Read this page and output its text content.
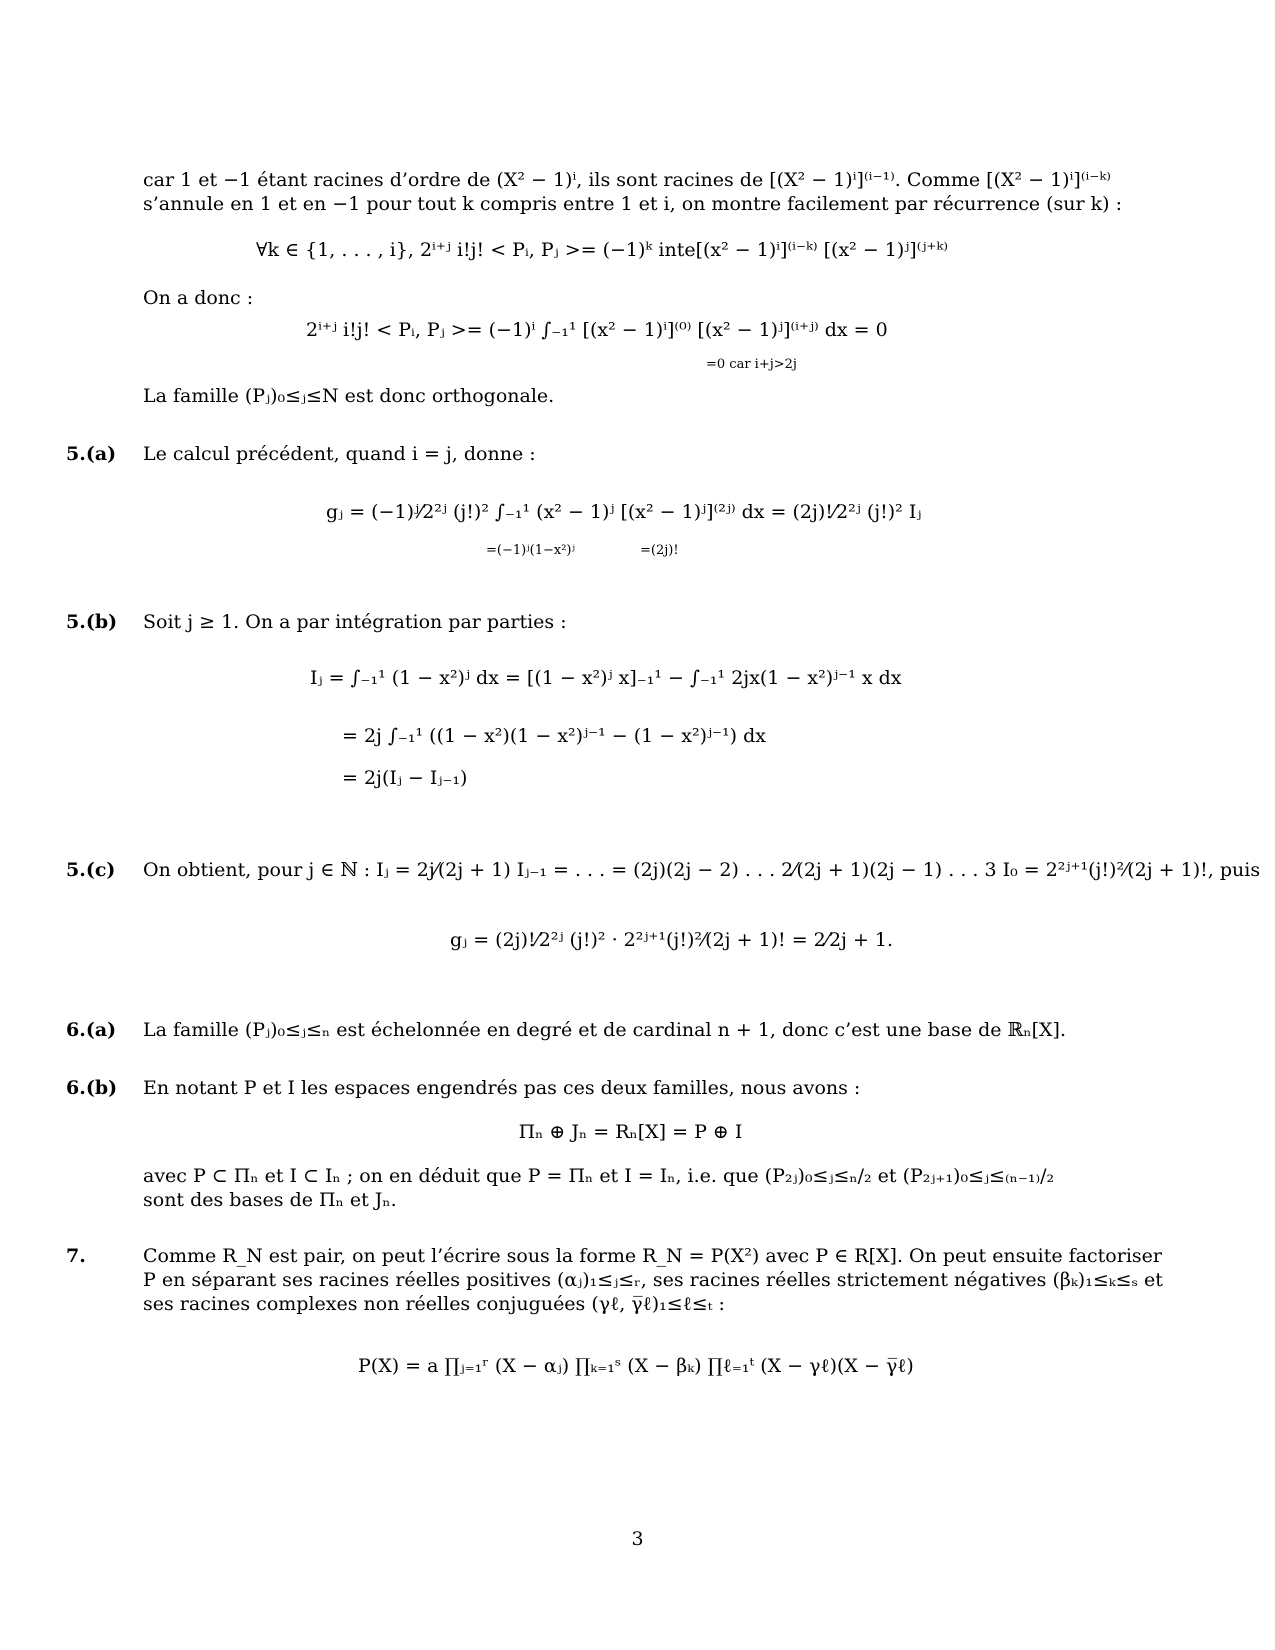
car 1 et −1 étant racines d’ordre de (X² − 1)ⁱ, ils sont racines de [(X² − 1)ⁱ]⁽ⁱ⁻¹⁾. Comme [(X² − 1)ⁱ]⁽ⁱ⁻ᵏ⁾
s’annule en 1 et en −1 pour tout k compris entre 1 et i, on montre facilement par récurrence (sur k) :
∀k ∈ {1, . . . , i}, 2ⁱ⁺ʲ i!j! < Pᵢ, Pⱼ >= (−1)ᵏ inte[(x² − 1)ⁱ]⁽ⁱ⁻ᵏ⁾ [(x² − 1)ʲ]⁽ʲ⁺ᵏ⁾
On a donc :
2ⁱ⁺ʲ i!j! < Pᵢ, Pⱼ >= (−1)ⁱ ∫₋₁¹ [(x² − 1)ⁱ]⁽⁰⁾ [(x² − 1)ʲ]⁽ⁱ⁺ʲ⁾ dx = 0
=0 car i+j>2j
La famille (Pⱼ)₀≤ⱼ≤N est donc orthogonale.
5.(a) Le calcul précédent, quand i = j, donne :
gⱼ = (−1)ʲ⁄2²ʲ (j!)² ∫₋₁¹ (x² − 1)ʲ [(x² − 1)ʲ]⁽²ʲ⁾ dx = (2j)!⁄2²ʲ (j!)² Iⱼ
=(−1)ʲ(1−x²)ʲ	=(2j)!
5.(b) Soit j ≥ 1. On a par intégration par parties :
Iⱼ = ∫₋₁¹ (1 − x²)ʲ dx = [(1 − x²)ʲ x]₋₁¹ − ∫₋₁¹ 2jx(1 − x²)ʲ⁻¹ x dx
= 2j ∫₋₁¹ ((1 − x²)(1 − x²)ʲ⁻¹ − (1 − x²)ʲ⁻¹) dx
= 2j(Iⱼ − Iⱼ₋₁)
5.(c) On obtient, pour j ∈ ℕ : Iⱼ = 2j⁄(2j + 1) Iⱼ₋₁ = . . . = (2j)(2j − 2) . . . 2⁄(2j + 1)(2j − 1) . . . 3 I₀ = 2²ʲ⁺¹(j!)²⁄(2j + 1)!, puis
gⱼ = (2j)!⁄2²ʲ (j!)² · 2²ʲ⁺¹(j!)²⁄(2j + 1)! = 2⁄2j + 1.
6.(a) La famille (Pⱼ)₀≤ⱼ≤ₙ est échelonnée en degré et de cardinal n + 1, donc c’est une base de ℝₙ[X].
6.(b) En notant P et I les espaces engendrés pas ces deux familles, nous avons :
Πₙ ⊕ Jₙ = Rₙ[X] = P ⊕ I
avec P ⊂ Πₙ et I ⊂ Iₙ ; on en déduit que P = Πₙ et I = Iₙ, i.e. que (P₂ⱼ)₀≤ⱼ≤ₙ/₂ et (P₂ⱼ₊₁)₀≤ⱼ≤₍ₙ₋₁₎/₂
sont des bases de Πₙ et Jₙ.
7.	Comme R_N est pair, on peut l’écrire sous la forme R_N = P(X²) avec P ∈ R[X]. On peut ensuite factoriser
P en séparant ses racines réelles positives (αⱼ)₁≤ⱼ≤ᵣ, ses racines réelles strictement négatives (βₖ)₁≤ₖ≤ₛ et
ses racines complexes non réelles conjuguées (γℓ, γ̅ℓ)₁≤ℓ≤ₜ :
P(X) = a ∏ⱼ₌₁ʳ (X − αⱼ) ∏ₖ₌₁ˢ (X − βₖ) ∏ℓ₌₁ᵗ (X − γℓ)(X − γ̅ℓ)
3
